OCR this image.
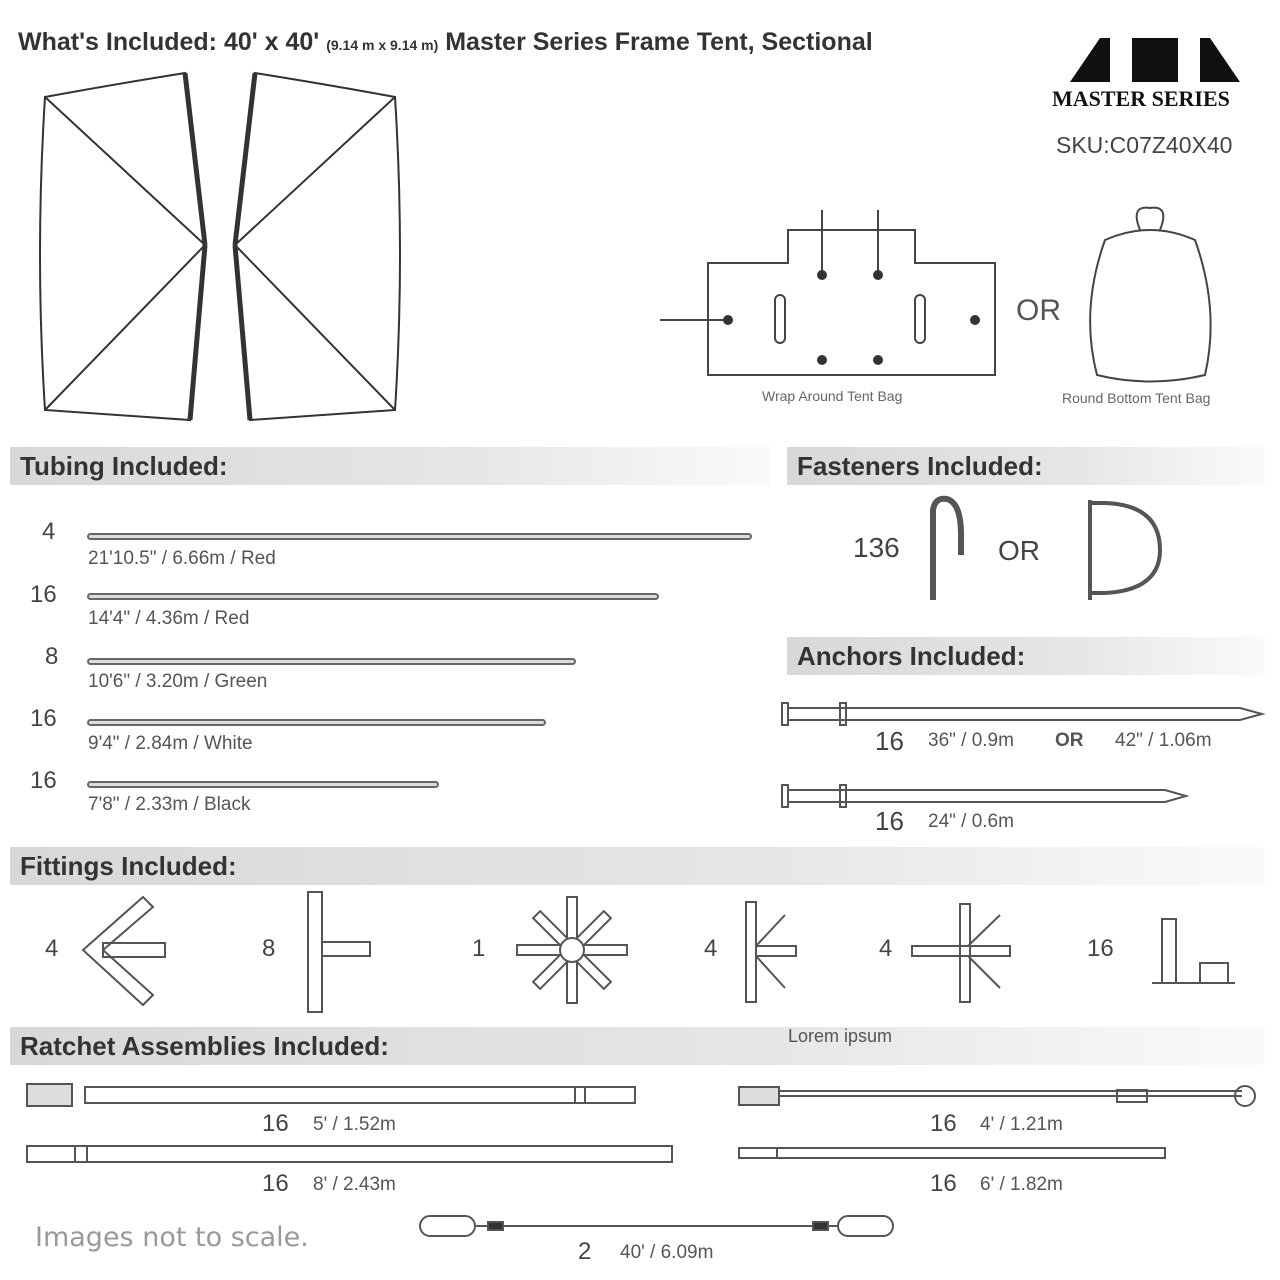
What's Included: 40' x 40' (9.14 m x 9.14 m) Master Series Frame Tent, Sectional
MASTER SERIES
SKU:C07Z40X40
Wrap Around Tent Bag
OR
Round Bottom Tent Bag
Tubing Included:	Fasteners Included:
Anchors Included:
Fittings Included:
Ratchet Assemblies Included:
4
21'10.5" / 6.66m / Red
16
14'4" / 4.36m / Red
8
10'6" / 3.20m / Green
16
9'4" / 2.84m / White
16
7'8" / 2.33m / Black
136	OR
16 36" / 0.9m OR 42" / 1.06m
16 24" / 0.6m
4	8	1	4	4	16
Lorem ipsum
16 5' / 1.52m
16 8' / 2.43m
16 4' / 1.21m
16 6' / 1.82m
2 40' / 6.09m
Images not to scale.
